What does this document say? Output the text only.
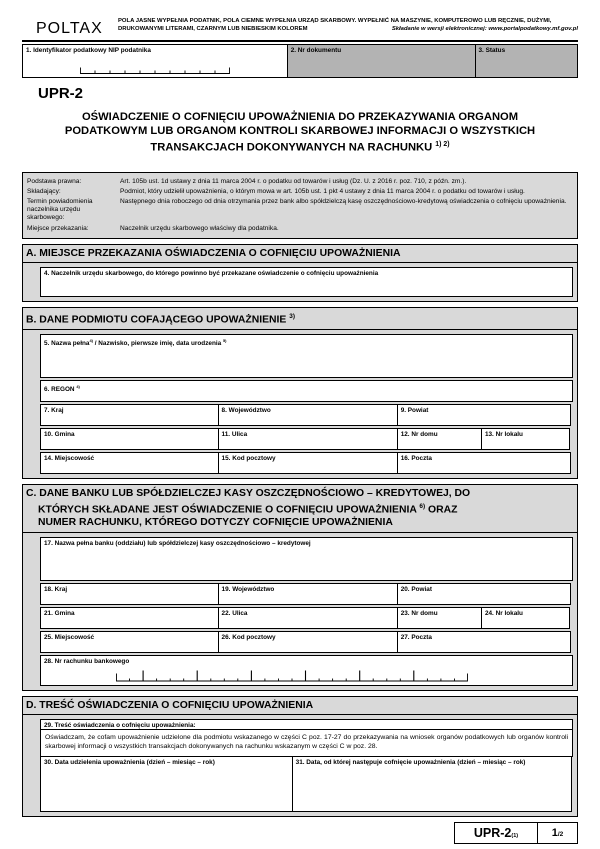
POLTAX	POLA JASNE WYPEŁNIA PODATNIK, POLA CIEMNE WYPEŁNIA URZĄD SKARBOWY. WYPEŁNIĆ NA MASZYNIE, KOMPUTEROWO LUB RĘCZNIE, DUŻYMI,
DRUKOWANYMI LITERAMI, CZARNYM LUB NIEBIESKIM KOLOREM	Składanie w wersji elektronicznej: www.portalpodatkowy.mf.gov.pl
1. Identyfikator podatkowy NIP podatnika	2. Nr dokumentu	3. Status
UPR-2
OŚWIADCZENIE O COFNIĘCIU UPOWAŻNIENIA DO PRZEKAZYWANIA ORGANOM
PODATKOWYM LUB ORGANOM KONTROLI SKARBOWEJ INFORMACJI O WSZYSTKICH
TRANSAKCJACH DOKONYWANYCH NA RACHUNKU $^{1) 2)}$
Podstawa prawna:	Art. 105b ust. 1d ustawy z dnia 11 marca 2004 r. o podatku od towarów i usług (Dz. U. z 2016 r. poz. 710, z późn. zm.).
Składający:	Podmiot, który udzielił upoważnienia, o którym mowa w art. 105b ust. 1 pkt 4 ustawy z dnia 11 marca 2004 r. o podatku od towarów i usług.
Termin powiadomienia naczelnika urzędu skarbowego:
Następnego dnia roboczego od dnia otrzymania przez bank albo spółdzielczą kasę oszczędnościowo-kredytową oświadczenia o cofnięciu upoważnienia.
Miejsce przekazania:	Naczelnik urzędu skarbowego właściwy dla podatnika.
A. MIEJSCE PRZEKAZANIA OŚWIADCZENIA O COFNIĘCIU UPOWAŻNIENIA
4. Naczelnik urzędu skarbowego, do którego powinno być przekazane oświadczenie o cofnięciu upoważnienia
B. DANE PODMIOTU COFAJĄCEGO UPOWAŻNIENIE $^{3)}$
5. Nazwa pełna$^{4)}$ / Nazwisko, pierwsze imię, data urodzenia $^{5)}$
6. REGON $^{4)}$
7. Kraj	8. Województwo	9. Powiat
10. Gmina	11. Ulica	12. Nr domu	13. Nr lokalu
14. Miejscowość	15. Kod pocztowy	16. Poczta
C. DANE BANKU LUB SPÓŁDZIELCZEJ KASY OSZCZĘDNOŚCIOWO – KREDYTOWEJ, DO
KTÓRYCH SKŁADANE JEST OŚWIADCZENIE O COFNIĘCIU UPOWAŻNIENIA $^{6)}$ ORAZ
NUMER RACHUNKU, KTÓREGO DOTYCZY COFNIĘCIE UPOWAŻNIENIA
17. Nazwa pełna banku (oddziału) lub spółdzielczej kasy oszczędnościowo – kredytowej
18. Kraj	19. Województwo	20. Powiat
21. Gmina	22. Ulica	23. Nr domu	24. Nr lokalu
25. Miejscowość	26. Kod pocztowy	27. Poczta
28. Nr rachunku bankowego
D. TREŚĆ OŚWIADCZENIA O COFNIĘCIU UPOWAŻNIENIA
29. Treść oświadczenia o cofnięciu upoważnienia:
Oświadczam, że cofam upoważnienie udzielone dla podmiotu wskazanego w części C poz. 17-27 do przekazywania na wniosek organów podatkowych lub organów kontroli skarbowej informacji o wszystkich transakcjach dokonywanych na rachunku wskazanym w części C w poz. 28.
30. Data udzielenia upoważnienia (dzień – miesiąc – rok)	31. Data, od której następuje cofnięcie upoważnienia (dzień – miesiąc – rok)
UPR-2 (1)	1 /2
